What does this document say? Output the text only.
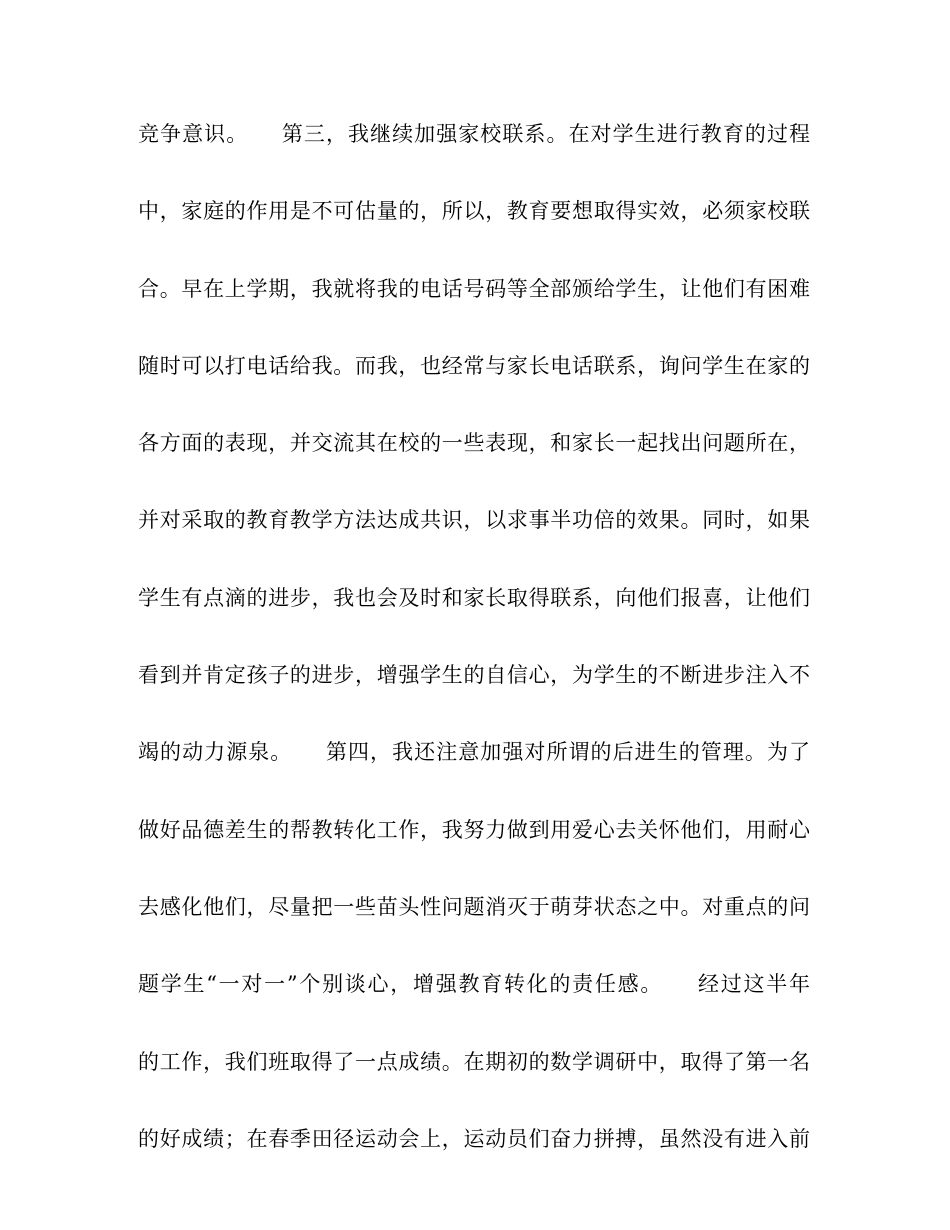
竞争意识。　　第三，我继续加强家校联系。在对学生进行教育的过程
中，家庭的作用是不可估量的，所以，教育要想取得实效，必须家校联
合。早在上学期，我就将我的电话号码等全部颁给学生，让他们有困难
随时可以打电话给我。而我，也经常与家长电话联系，询问学生在家的
各方面的表现，并交流其在校的一些表现，和家长一起找出问题所在，
并对采取的教育教学方法达成共识，以求事半功倍的效果。同时，如果
学生有点滴的进步，我也会及时和家长取得联系，向他们报喜，让他们
看到并肯定孩子的进步，增强学生的自信心，为学生的不断进步注入不
竭的动力源泉。　　第四，我还注意加强对所谓的后进生的管理。为了
做好品德差生的帮教转化工作，我努力做到用爱心去关怀他们，用耐心
去感化他们，尽量把一些苗头性问题消灭于萌芽状态之中。对重点的问
题学生“一对一”个别谈心，增强教育转化的责任感。　　经过这半年
的工作，我们班取得了一点成绩。在期初的数学调研中，取得了第一名
的好成绩；在春季田径运动会上，运动员们奋力拼搏，虽然没有进入前
